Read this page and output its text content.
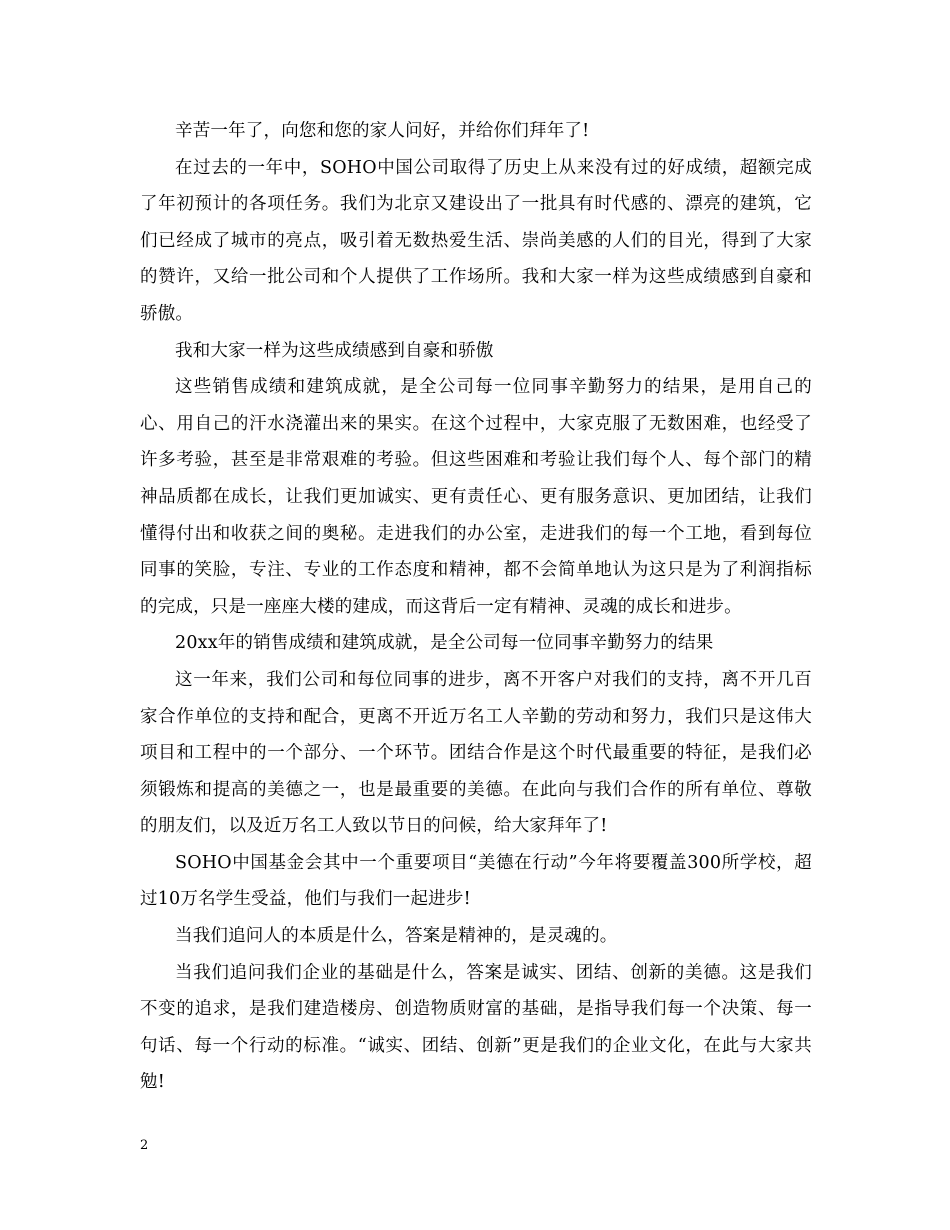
辛苦一年了，向您和您的家人问好，并给你们拜年了!

在过去的一年中，SOHO中国公司取得了历史上从来没有过的好成绩，超额完成了年初预计的各项任务。我们为北京又建设出了一批具有时代感的、漂亮的建筑，它们已经成了城市的亮点，吸引着无数热爱生活、崇尚美感的人们的目光，得到了大家的赞许，又给一批公司和个人提供了工作场所。我和大家一样为这些成绩感到自豪和骄傲。

我和大家一样为这些成绩感到自豪和骄傲

这些销售成绩和建筑成就，是全公司每一位同事辛勤努力的结果，是用自己的心、用自己的汗水浇灌出来的果实。在这个过程中，大家克服了无数困难，也经受了许多考验，甚至是非常艰难的考验。但这些困难和考验让我们每个人、每个部门的精神品质都在成长，让我们更加诚实、更有责任心、更有服务意识、更加团结，让我们懂得付出和收获之间的奥秘。走进我们的办公室，走进我们的每一个工地，看到每位同事的笑脸，专注、专业的工作态度和精神，都不会简单地认为这只是为了利润指标的完成，只是一座座大楼的建成，而这背后一定有精神、灵魂的成长和进步。

20xx年的销售成绩和建筑成就，是全公司每一位同事辛勤努力的结果

这一年来，我们公司和每位同事的进步，离不开客户对我们的支持，离不开几百家合作单位的支持和配合，更离不开近万名工人辛勤的劳动和努力，我们只是这伟大项目和工程中的一个部分、一个环节。团结合作是这个时代最重要的特征，是我们必须锻炼和提高的美德之一，也是最重要的美德。在此向与我们合作的所有单位、尊敬的朋友们，以及近万名工人致以节日的问候，给大家拜年了!

SOHO中国基金会其中一个重要项目“美德在行动”今年将要覆盖300所学校，超过10万名学生受益，他们与我们一起进步!

当我们追问人的本质是什么，答案是精神的，是灵魂的。

当我们追问我们企业的基础是什么，答案是诚实、团结、创新的美德。这是我们不变的追求，是我们建造楼房、创造物质财富的基础，是指导我们每一个决策、每一句话、每一个行动的标准。“诚实、团结、创新”更是我们的企业文化，在此与大家共勉!

2
